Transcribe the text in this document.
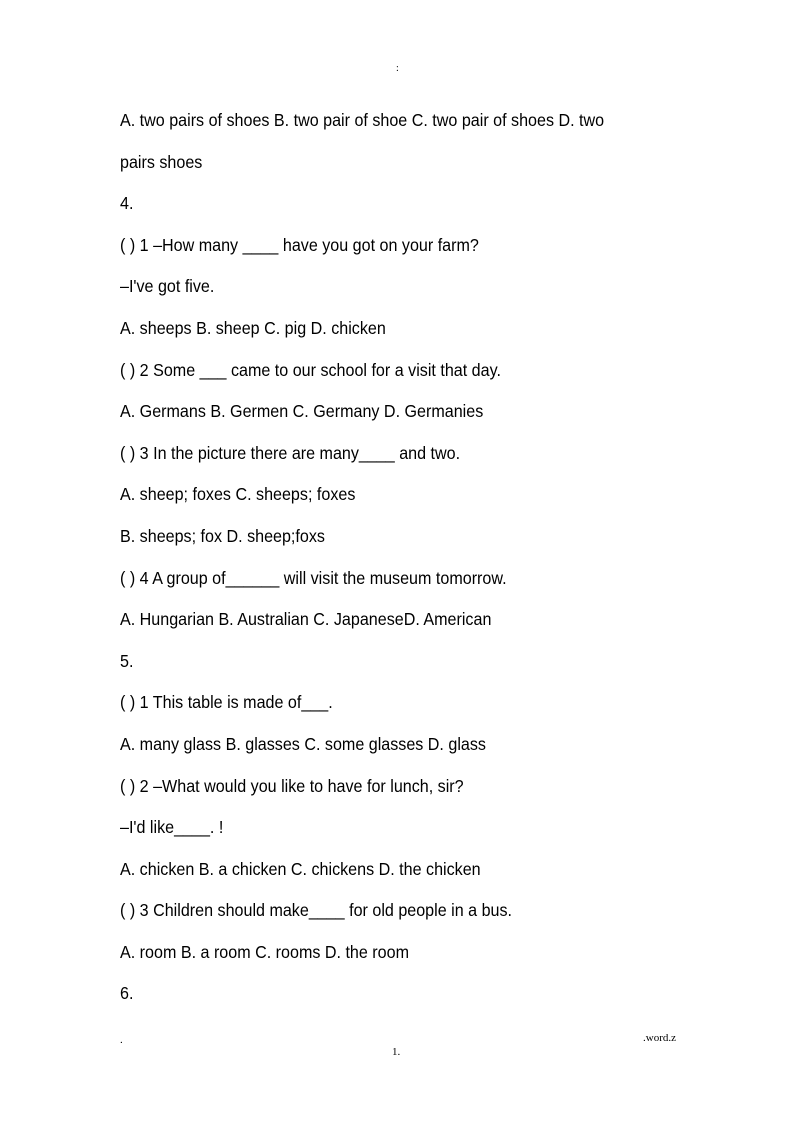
:
A. two pairs of shoes B. two pair of shoe C. two pair of shoes D. two
pairs shoes
4.
( ) 1 –How many ____ have you got on your farm?
–I've got five.
A. sheeps B. sheep C. pig D. chicken
( ) 2 Some ___ came to our school for a visit that day.
A. Germans B. Germen C. Germany D. Germanies
( ) 3 In the picture there are many____ and two.
A. sheep; foxes C. sheeps; foxes
B. sheeps; fox D. sheep;foxs
( ) 4 A group of______ will visit the museum tomorrow.
A. Hungarian B. Australian C. JapaneseD. American
5.
( ) 1 This table is made of___.
A. many glass B. glasses C. some glasses D. glass
( ) 2 –What would you like to have for lunch, sir?
–I'd like____. !
A. chicken B. a chicken C. chickens D. the chicken
( ) 3 Children should make____ for old people in a bus.
A. room B. a room C. rooms D. the room
6.
.	.word.z
1.
